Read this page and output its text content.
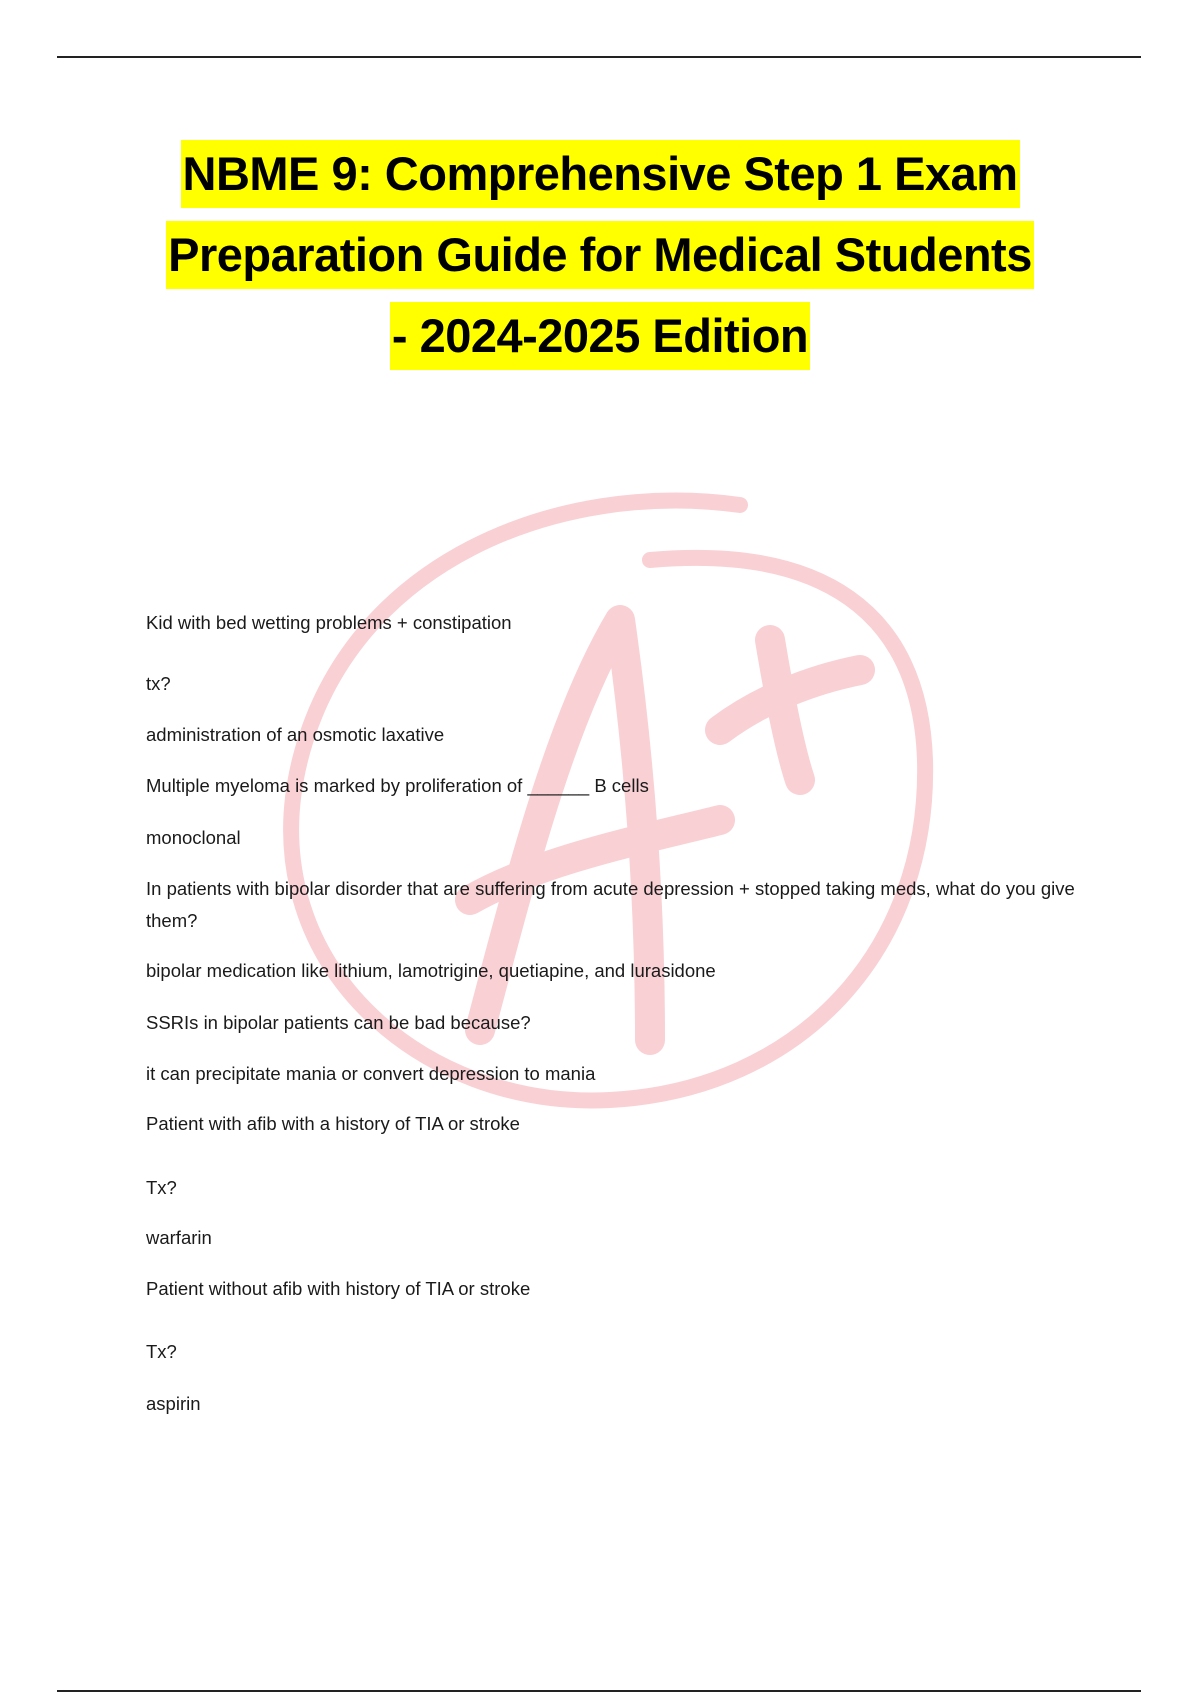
NBME 9: Comprehensive Step 1 Exam
Preparation Guide for Medical Students
- 2024-2025 Edition
Kid with bed wetting problems + constipation
tx?
administration of an osmotic laxative
Multiple myeloma is marked by proliferation of ______ B cells
monoclonal
In patients with bipolar disorder that are suffering from acute depression + stopped taking meds, what do you give them?
bipolar medication like lithium, lamotrigine, quetiapine, and lurasidone
SSRIs in bipolar patients can be bad because?
it can precipitate mania or convert depression to mania
Patient with afib with a history of TIA or stroke
Tx?
warfarin
Patient without afib with history of TIA or stroke
Tx?
aspirin
